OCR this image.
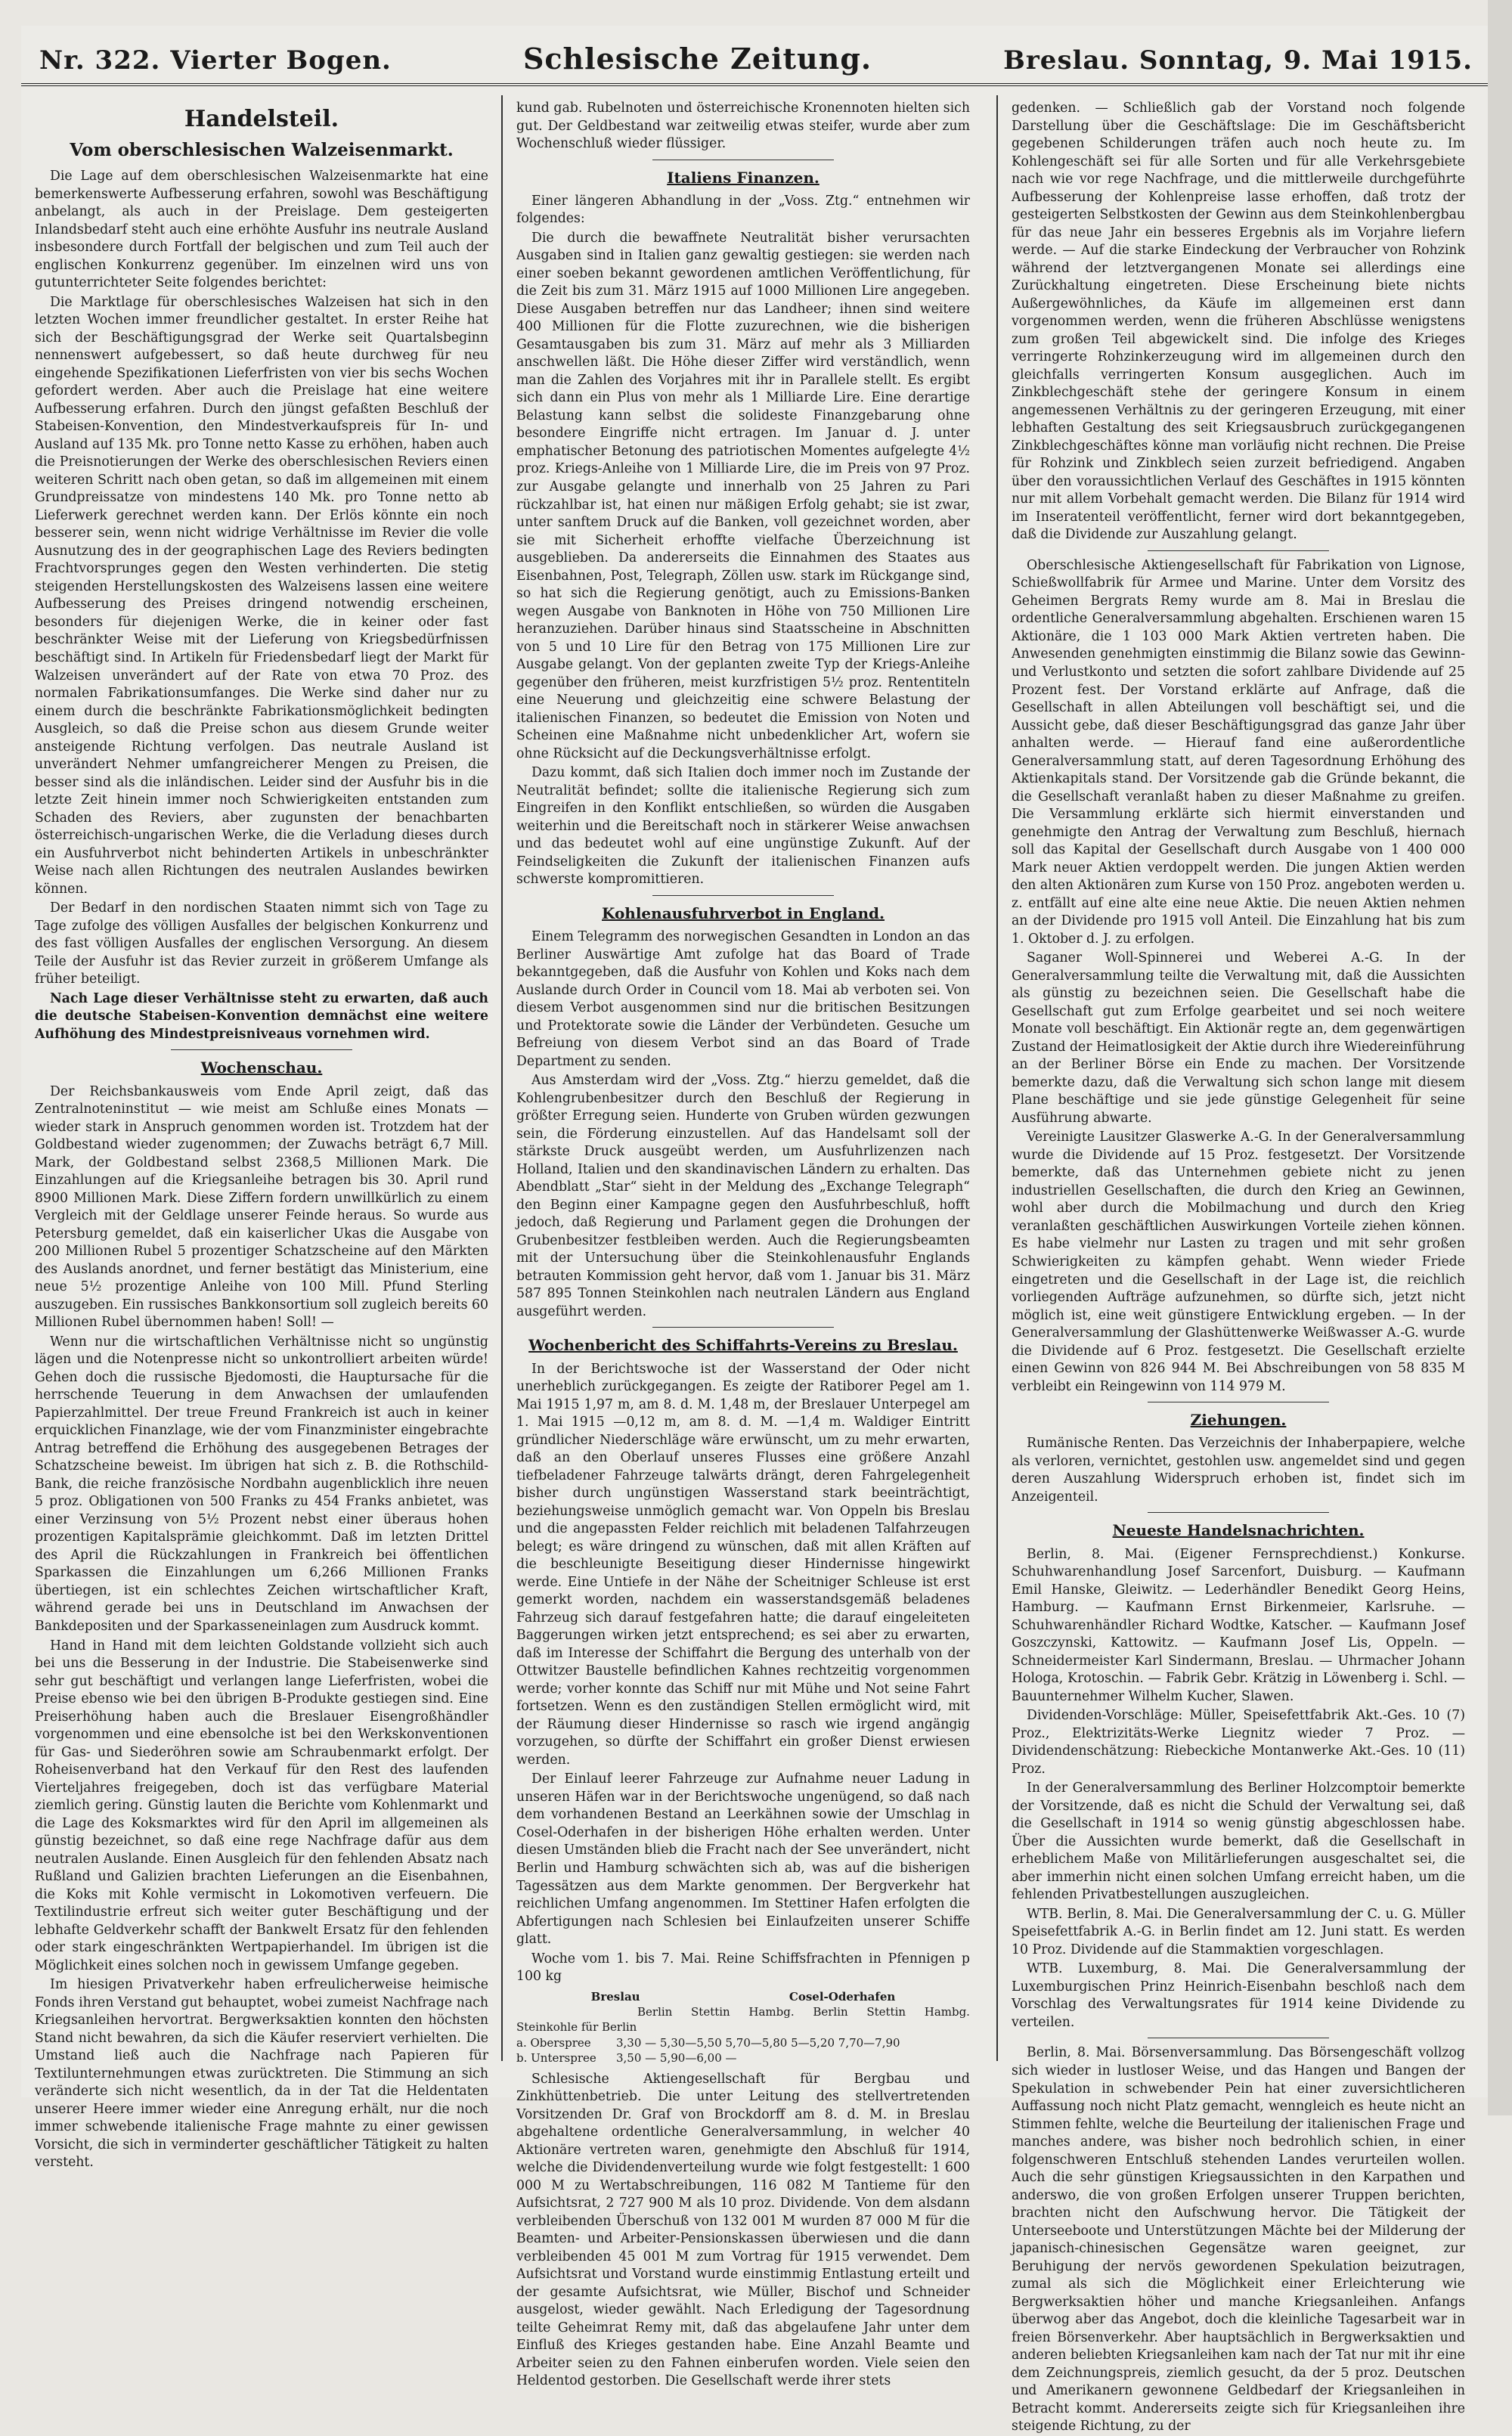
Nr. 322. Vierter Bogen.	Schlesische Zeitung.	Breslau. Sonntag, 9. Mai 1915.
Handelsteil.
Vom oberschlesischen Walzeisenmarkt.

Die Lage auf dem oberschlesischen Walzeisenmarkte hat eine bemerkenswerte Aufbesserung erfahren, sowohl was Beschäftigung anbelangt, als auch in der Preislage. Dem gesteigerten Inlandsbedarf steht auch eine erhöhte Ausfuhr ins neutrale Ausland insbesondere durch Fortfall der belgischen und zum Teil auch der englischen Konkurrenz gegenüber. Im einzelnen wird uns von gutunterrichteter Seite folgendes berichtet:

Die Marktlage für oberschlesisches Walzeisen hat sich in den letzten Wochen immer freundlicher gestaltet. In erster Reihe hat sich der Beschäftigungsgrad der Werke seit Quartalsbeginn nennenswert aufgebessert, so daß heute durchweg für neu eingehende Spezifikationen Lieferfristen von vier bis sechs Wochen gefordert werden. Aber auch die Preislage hat eine weitere Aufbesserung erfahren. Durch den jüngst gefaßten Beschluß der Stabeisen-Konvention, den Mindestverkaufspreis für In- und Ausland auf 135 Mk. pro Tonne netto Kasse zu erhöhen, haben auch die Preisnotierungen der Werke des oberschlesischen Reviers einen weiteren Schritt nach oben getan, so daß im allgemeinen mit einem Grundpreissatze von mindestens 140 Mk. pro Tonne netto ab Lieferwerk gerechnet werden kann. Der Erlös könnte ein noch besserer sein, wenn nicht widrige Verhältnisse im Revier die volle Ausnutzung des in der geographischen Lage des Reviers bedingten Frachtvorsprunges gegen den Westen verhinderten. Die stetig steigenden Herstellungskosten des Walzeisens lassen eine weitere Aufbesserung des Preises dringend notwendig erscheinen, besonders für diejenigen Werke, die in keiner oder fast beschränkter Weise mit der Lieferung von Kriegsbedürfnissen beschäftigt sind. In Artikeln für Friedensbedarf liegt der Markt für Walzeisen unverändert auf der Rate von etwa 70 Proz. des normalen Fabrikationsumfanges. Die Werke sind daher nur zu einem durch die beschränkte Fabrikationsmöglichkeit bedingten Ausgleich, so daß die Preise schon aus diesem Grunde weiter ansteigende Richtung verfolgen. Das neutrale Ausland ist unverändert Nehmer umfangreicherer Mengen zu Preisen, die besser sind als die inländischen. Leider sind der Ausfuhr bis in die letzte Zeit hinein immer noch Schwierigkeiten entstanden zum Schaden des Reviers, aber zugunsten der benachbarten österreichisch-ungarischen Werke, die die Verladung dieses durch ein Ausfuhrverbot nicht behinderten Artikels in unbeschränkter Weise nach allen Richtungen des neutralen Auslandes bewirken können.

Der Bedarf in den nordischen Staaten nimmt sich von Tage zu Tage zufolge des völligen Ausfalles der belgischen Konkurrenz und des fast völligen Ausfalles der englischen Versorgung. An diesem Teile der Ausfuhr ist das Revier zurzeit in größerem Umfange als früher beteiligt.

Nach Lage dieser Verhältnisse steht zu erwarten, daß auch die deutsche Stabeisen-Konvention demnächst eine weitere Aufhöhung des Mindestpreisniveaus vornehmen wird.

Wochenschau.

Der Reichsbankausweis vom Ende April zeigt, daß das Zentralnoteninstitut — wie meist am Schluße eines Monats — wieder stark in Anspruch genommen worden ist. Trotzdem hat der Goldbestand wieder zugenommen; der Zuwachs beträgt 6,7 Mill. Mark, der Goldbestand selbst 2368,5 Millionen Mark. Die Einzahlungen auf die Kriegsanleihe betragen bis 30. April rund 8900 Millionen Mark. Diese Ziffern fordern unwillkürlich zu einem Vergleich mit der Geldlage unserer Feinde heraus. So wurde aus Petersburg gemeldet, daß ein kaiserlicher Ukas die Ausgabe von 200 Millionen Rubel 5 prozentiger Schatzscheine auf den Märkten des Auslands anordnet, und ferner bestätigt das Ministerium, eine neue 5½ prozentige Anleihe von 100 Mill. Pfund Sterling auszugeben. Ein russisches Bankkonsortium soll zugleich bereits 60 Millionen Rubel übernommen haben! Soll! —

Wenn nur die wirtschaftlichen Verhältnisse nicht so ungünstig lägen und die Notenpresse nicht so unkontrolliert arbeiten würde! Gehen doch die russische Bjedomosti, die Hauptursache für die herrschende Teuerung in dem Anwachsen der umlaufenden Papierzahlmittel. Der treue Freund Frankreich ist auch in keiner erquicklichen Finanzlage, wie der vom Finanzminister eingebrachte Antrag betreffend die Erhöhung des ausgegebenen Betrages der Schatzscheine beweist. Im übrigen hat sich z. B. die Rothschild-Bank, die reiche französische Nordbahn augenblicklich ihre neuen 5 proz. Obligationen von 500 Franks zu 454 Franks anbietet, was einer Verzinsung von 5½ Prozent nebst einer überaus hohen prozentigen Kapitalsprämie gleichkommt. Daß im letzten Drittel des April die Rückzahlungen in Frankreich bei öffentlichen Sparkassen die Einzahlungen um 6,266 Millionen Franks übertiegen, ist ein schlechtes Zeichen wirtschaftlicher Kraft, während gerade bei uns in Deutschland im Anwachsen der Bankdepositen und der Sparkasseneinlagen zum Ausdruck kommt.

Hand in Hand mit dem leichten Goldstande vollzieht sich auch bei uns die Besserung in der Industrie. Die Stabeisenwerke sind sehr gut beschäftigt und verlangen lange Lieferfristen, wobei die Preise ebenso wie bei den übrigen B-Produkte gestiegen sind. Eine Preiserhöhung haben auch die Breslauer Eisengroßhändler vorgenommen und eine ebensolche ist bei den Werkskonventionen für Gas- und Siederöhren sowie am Schraubenmarkt erfolgt. Der Roheisenverband hat den Verkauf für den Rest des laufenden Vierteljahres freigegeben, doch ist das verfügbare Material ziemlich gering. Günstig lauten die Berichte vom Kohlenmarkt und die Lage des Koksmarktes wird für den April im allgemeinen als günstig bezeichnet, so daß eine rege Nachfrage dafür aus dem neutralen Auslande. Einen Ausgleich für den fehlenden Absatz nach Rußland und Galizien brachten Lieferungen an die Eisenbahnen, die Koks mit Kohle vermischt in Lokomotiven verfeuern. Die Textilindustrie erfreut sich weiter guter Beschäftigung und der lebhafte Geldverkehr schafft der Bankwelt Ersatz für den fehlenden oder stark eingeschränkten Wertpapierhandel. Im übrigen ist die Möglichkeit eines solchen noch in gewissem Umfange gegeben.

Im hiesigen Privatverkehr haben erfreulicherweise heimische Fonds ihren Verstand gut behauptet, wobei zumeist Nachfrage nach Kriegsanleihen hervortrat. Bergwerksaktien konnten den höchsten Stand nicht bewahren, da sich die Käufer reserviert verhielten. Die Umstand ließ auch die Nachfrage nach Papieren für Textilunternehmungen etwas zurücktreten. Die Stimmung an sich veränderte sich nicht wesentlich, da in der Tat die Heldentaten unserer Heere immer wieder eine Anregung erhält, nur die noch immer schwebende italienische Frage mahnte zu einer gewissen Vorsicht, die sich in verminderter geschäftlicher Tätigkeit zu halten versteht.

kund gab. Rubelnoten und österreichische Kronennoten hielten sich gut. Der Geldbestand war zeitweilig etwas steifer, wurde aber zum Wochenschluß wieder flüssiger.

Italiens Finanzen.

Einer längeren Abhandlung in der „Voss. Ztg.“ entnehmen wir folgendes:

Die durch die bewaffnete Neutralität bisher verursachten Ausgaben sind in Italien ganz gewaltig gestiegen: sie werden nach einer soeben bekannt gewordenen amtlichen Veröffentlichung, für die Zeit bis zum 31. März 1915 auf 1000 Millionen Lire angegeben. Diese Ausgaben betreffen nur das Landheer; ihnen sind weitere 400 Millionen für die Flotte zuzurechnen, wie die bisherigen Gesamtausgaben bis zum 31. März auf mehr als 3 Milliarden anschwellen läßt. Die Höhe dieser Ziffer wird verständlich, wenn man die Zahlen des Vorjahres mit ihr in Parallele stellt. Es ergibt sich dann ein Plus von mehr als 1 Milliarde Lire. Eine derartige Belastung kann selbst die solideste Finanzgebarung ohne besondere Eingriffe nicht ertragen. Im Januar d. J. unter emphatischer Betonung des patriotischen Momentes aufgelegte 4½ proz. Kriegs-Anleihe von 1 Milliarde Lire, die im Preis von 97 Proz. zur Ausgabe gelangte und innerhalb von 25 Jahren zu Pari rückzahlbar ist, hat einen nur mäßigen Erfolg gehabt; sie ist zwar, unter sanftem Druck auf die Banken, voll gezeichnet worden, aber sie mit Sicherheit erhoffte vielfache Überzeichnung ist ausgeblieben. Da andererseits die Einnahmen des Staates aus Eisenbahnen, Post, Telegraph, Zöllen usw. stark im Rückgange sind, so hat sich die Regierung genötigt, auch zu Emissions-Banken wegen Ausgabe von Banknoten in Höhe von 750 Millionen Lire heranzuziehen. Darüber hinaus sind Staatsscheine in Abschnitten von 5 und 10 Lire für den Betrag von 175 Millionen Lire zur Ausgabe gelangt. Von der geplanten zweite Typ der Kriegs-Anleihe gegenüber den früheren, meist kurzfristigen 5½ proz. Rententiteln eine Neuerung und gleichzeitig eine schwere Belastung der italienischen Finanzen, so bedeutet die Emission von Noten und Scheinen eine Maßnahme nicht unbedenklicher Art, wofern sie ohne Rücksicht auf die Deckungsverhältnisse erfolgt.

Dazu kommt, daß sich Italien doch immer noch im Zustande der Neutralität befindet; sollte die italienische Regierung sich zum Eingreifen in den Konflikt entschließen, so würden die Ausgaben weiterhin und die Bereitschaft noch in stärkerer Weise anwachsen und das bedeutet wohl auf eine ungünstige Zukunft. Auf der Feindseligkeiten die Zukunft der italienischen Finanzen aufs schwerste kompromittieren.

Kohlenausfuhrverbot in England.

Einem Telegramm des norwegischen Gesandten in London an das Berliner Auswärtige Amt zufolge hat das Board of Trade bekanntgegeben, daß die Ausfuhr von Kohlen und Koks nach dem Auslande durch Order in Council vom 18. Mai ab verboten sei. Von diesem Verbot ausgenommen sind nur die britischen Besitzungen und Protektorate sowie die Länder der Verbündeten. Gesuche um Befreiung von diesem Verbot sind an das Board of Trade Department zu senden.

Aus Amsterdam wird der „Voss. Ztg.“ hierzu gemeldet, daß die Kohlengrubenbesitzer durch den Beschluß der Regierung in größter Erregung seien. Hunderte von Gruben würden gezwungen sein, die Förderung einzustellen. Auf das Handelsamt soll der stärkste Druck ausgeübt werden, um Ausfuhrlizenzen nach Holland, Italien und den skandinavischen Ländern zu erhalten. Das Abendblatt „Star“ sieht in der Meldung des „Exchange Telegraph“ den Beginn einer Kampagne gegen den Ausfuhrbeschluß, hofft jedoch, daß Regierung und Parlament gegen die Drohungen der Grubenbesitzer festbleiben werden. Auch die Regierungsbeamten mit der Untersuchung über die Steinkohlenausfuhr Englands betrauten Kommission geht hervor, daß vom 1. Januar bis 31. März 587 895 Tonnen Steinkohlen nach neutralen Ländern aus England ausgeführt werden.

Wochenbericht des Schiffahrts-Vereins zu Breslau.

In der Berichtswoche ist der Wasserstand der Oder nicht unerheblich zurückgegangen. Es zeigte der Ratiborer Pegel am 1. Mai 1915 1,97 m, am 8. d. M. 1,48 m, der Breslauer Unterpegel am 1. Mai 1915 —0,12 m, am 8. d. M. —1,4 m. Waldiger Eintritt gründlicher Niederschläge wäre erwünscht, um zu mehr erwarten, daß an den Oberlauf unseres Flusses eine größere Anzahl tiefbeladener Fahrzeuge talwärts drängt, deren Fahrgelegenheit bisher durch ungünstigen Wasserstand stark beeinträchtigt, beziehungsweise unmöglich gemacht war. Von Oppeln bis Breslau und die angepassten Felder reichlich mit beladenen Talfahrzeugen belegt; es wäre dringend zu wünschen, daß mit allen Kräften auf die beschleunigte Beseitigung dieser Hindernisse hingewirkt werde. Eine Untiefe in der Nähe der Scheitniger Schleuse ist erst gemerkt worden, nachdem ein wasserstandsgemäß beladenes Fahrzeug sich darauf festgefahren hatte; die darauf eingeleiteten Baggerungen wirken jetzt entsprechend; es sei aber zu erwarten, daß im Interesse der Schiffahrt die Bergung des unterhalb von der Ottwitzer Baustelle befindlichen Kahnes rechtzeitig vorgenommen werde; vorher konnte das Schiff nur mit Mühe und Not seine Fahrt fortsetzen. Wenn es den zuständigen Stellen ermöglicht wird, mit der Räumung dieser Hindernisse so rasch wie irgend angängig vorzugehen, so dürfte der Schiffahrt ein großer Dienst erwiesen werden.

Der Einlauf leerer Fahrzeuge zur Aufnahme neuer Ladung in unseren Häfen war in der Berichtswoche ungenügend, so daß nach dem vorhandenen Bestand an Leerkähnen sowie der Umschlag in Cosel-Oderhafen in der bisherigen Höhe erhalten werden. Unter diesen Umständen blieb die Fracht nach der See unverändert, nicht Berlin und Hamburg schwächten sich ab, was auf die bisherigen Tagessätzen aus dem Markte genommen. Der Bergverkehr hat reichlichen Umfang angenommen. Im Stettiner Hafen erfolgten die Abfertigungen nach Schlesien bei Einlaufzeiten unserer Schiffe glatt.

Woche vom 1. bis 7. Mai. Reine Schiffsfrachten in Pfennigen p 100 kg

Breslau	Cosel-Oderhafen
Berlin Stettin Hambg. Berlin Stettin Hambg.
Steinkohle für Berlin
a. Oberspree	3,30 — 5,30—5,50 5,70—5,80 5—5,20 7,70—7,90
b. Unterspree	3,50 — 5,90—6,00 —

Schlesische Aktiengesellschaft für Bergbau und Zinkhüttenbetrieb. Die unter Leitung des stellvertretenden Vorsitzenden Dr. Graf von Brockdorff am 8. d. M. in Breslau abgehaltene ordentliche Generalversammlung, in welcher 40 Aktionäre vertreten waren, genehmigte den Abschluß für 1914, welche die Dividendenverteilung wurde wie folgt festgestellt: 1 600 000 M zu Wertabschreibungen, 116 082 M Tantieme für den Aufsichtsrat, 2 727 900 M als 10 proz. Dividende. Von dem alsdann verbleibenden Überschuß von 132 001 M wurden 87 000 M für die Beamten- und Arbeiter-Pensionskassen überwiesen und die dann verbleibenden 45 001 M zum Vortrag für 1915 verwendet. Dem Aufsichtsrat und Vorstand wurde einstimmig Entlastung erteilt und der gesamte Aufsichtsrat, wie Müller, Bischof und Schneider ausgelost, wieder gewählt. Nach Erledigung der Tagesordnung teilte Geheimrat Remy mit, daß das abgelaufene Jahr unter dem Einfluß des Krieges gestanden habe. Eine Anzahl Beamte und Arbeiter seien zu den Fahnen einberufen worden. Viele seien den Heldentod gestorben. Die Gesellschaft werde ihrer stets

gedenken. — Schließlich gab der Vorstand noch folgende Darstellung über die Geschäftslage: Die im Geschäftsbericht gegebenen Schilderungen träfen auch noch heute zu. Im Kohlengeschäft sei für alle Sorten und für alle Verkehrsgebiete nach wie vor rege Nachfrage, und die mittlerweile durchgeführte Aufbesserung der Kohlenpreise lasse erhoffen, daß trotz der gesteigerten Selbstkosten der Gewinn aus dem Steinkohlenbergbau für das neue Jahr ein besseres Ergebnis als im Vorjahre liefern werde. — Auf die starke Eindeckung der Verbraucher von Rohzink während der letztvergangenen Monate sei allerdings eine Zurückhaltung eingetreten. Diese Erscheinung biete nichts Außergewöhnliches, da Käufe im allgemeinen erst dann vorgenommen werden, wenn die früheren Abschlüsse wenigstens zum großen Teil abgewickelt sind. Die infolge des Krieges verringerte Rohzinkerzeugung wird im allgemeinen durch den gleichfalls verringerten Konsum ausgeglichen. Auch im Zinkblechgeschäft stehe der geringere Konsum in einem angemessenen Verhältnis zu der geringeren Erzeugung, mit einer lebhaften Gestaltung des seit Kriegsausbruch zurückgegangenen Zinkblechgeschäftes könne man vorläufig nicht rechnen. Die Preise für Rohzink und Zinkblech seien zurzeit befriedigend. Angaben über den voraussichtlichen Verlauf des Geschäftes in 1915 könnten nur mit allem Vorbehalt gemacht werden. Die Bilanz für 1914 wird im Inseratenteil veröffentlicht, ferner wird dort bekanntgegeben, daß die Dividende zur Auszahlung gelangt.

Oberschlesische Aktiengesellschaft für Fabrikation von Lignose, Schießwollfabrik für Armee und Marine. Unter dem Vorsitz des Geheimen Bergrats Remy wurde am 8. Mai in Breslau die ordentliche Generalversammlung abgehalten. Erschienen waren 15 Aktionäre, die 1 103 000 Mark Aktien vertreten haben. Die Anwesenden genehmigten einstimmig die Bilanz sowie das Gewinn- und Verlustkonto und setzten die sofort zahlbare Dividende auf 25 Prozent fest. Der Vorstand erklärte auf Anfrage, daß die Gesellschaft in allen Abteilungen voll beschäftigt sei, und die Aussicht gebe, daß dieser Beschäftigungsgrad das ganze Jahr über anhalten werde. — Hierauf fand eine außerordentliche Generalversammlung statt, auf deren Tagesordnung Erhöhung des Aktienkapitals stand. Der Vorsitzende gab die Gründe bekannt, die die Gesellschaft veranlaßt haben zu dieser Maßnahme zu greifen. Die Versammlung erklärte sich hiermit einverstanden und genehmigte den Antrag der Verwaltung zum Beschluß, hiernach soll das Kapital der Gesellschaft durch Ausgabe von 1 400 000 Mark neuer Aktien verdoppelt werden. Die jungen Aktien werden den alten Aktionären zum Kurse von 150 Proz. angeboten werden u. z. entfällt auf eine alte eine neue Aktie. Die neuen Aktien nehmen an der Dividende pro 1915 voll Anteil. Die Einzahlung hat bis zum 1. Oktober d. J. zu erfolgen.

Saganer Woll-Spinnerei und Weberei A.-G. In der Generalversammlung teilte die Verwaltung mit, daß die Aussichten als günstig zu bezeichnen seien. Die Gesellschaft habe die Gesellschaft gut zum Erfolge gearbeitet und sei noch weitere Monate voll beschäftigt. Ein Aktionär regte an, dem gegenwärtigen Zustand der Heimatlosigkeit der Aktie durch ihre Wiedereinführung an der Berliner Börse ein Ende zu machen. Der Vorsitzende bemerkte dazu, daß die Verwaltung sich schon lange mit diesem Plane beschäftige und sie jede günstige Gelegenheit für seine Ausführung abwarte.

Vereinigte Lausitzer Glaswerke A.-G. In der Generalversammlung wurde die Dividende auf 15 Proz. festgesetzt. Der Vorsitzende bemerkte, daß das Unternehmen gebiete nicht zu jenen industriellen Gesellschaften, die durch den Krieg an Gewinnen, wohl aber durch die Mobilmachung und durch den Krieg veranlaßten geschäftlichen Auswirkungen Vorteile ziehen können. Es habe vielmehr nur Lasten zu tragen und mit sehr großen Schwierigkeiten zu kämpfen gehabt. Wenn wieder Friede eingetreten und die Gesellschaft in der Lage ist, die reichlich vorliegenden Aufträge aufzunehmen, so dürfte sich, jetzt nicht möglich ist, eine weit günstigere Entwicklung ergeben. — In der Generalversammlung der Glashüttenwerke Weißwasser A.-G. wurde die Dividende auf 6 Proz. festgesetzt. Die Gesellschaft erzielte einen Gewinn von 826 944 M. Bei Abschreibungen von 58 835 M verbleibt ein Reingewinn von 114 979 M.

Ziehungen.

Rumänische Renten. Das Verzeichnis der Inhaberpapiere, welche als verloren, vernichtet, gestohlen usw. angemeldet sind und gegen deren Auszahlung Widerspruch erhoben ist, findet sich im Anzeigenteil.

Neueste Handelsnachrichten.

Berlin, 8. Mai. (Eigener Fernsprechdienst.) Konkurse. Schuhwarenhandlung Josef Sarcenfort, Duisburg. — Kaufmann Emil Hanske, Gleiwitz. — Lederhändler Benedikt Georg Heins, Hamburg. — Kaufmann Ernst Birkenmeier, Karlsruhe. — Schuhwarenhändler Richard Wodtke, Katscher. — Kaufmann Josef Goszczynski, Kattowitz. — Kaufmann Josef Lis, Oppeln. — Schneidermeister Karl Sindermann, Breslau. — Uhrmacher Johann Hologa, Krotoschin. — Fabrik Gebr. Krätzig in Löwenberg i. Schl. — Bauunternehmer Wilhelm Kucher, Slawen.

Dividenden-Vorschläge: Müller, Speisefettfabrik Akt.-Ges. 10 (7) Proz., Elektrizitäts-Werke Liegnitz wieder 7 Proz. — Dividendenschätzung: Riebeckiche Montanwerke Akt.-Ges. 10 (11) Proz.

In der Generalversammlung des Berliner Holzcomptoir bemerkte der Vorsitzende, daß es nicht die Schuld der Verwaltung sei, daß die Gesellschaft in 1914 so wenig günstig abgeschlossen habe. Über die Aussichten wurde bemerkt, daß die Gesellschaft in erheblichem Maße von Militärlieferungen ausgeschaltet sei, die aber immerhin nicht einen solchen Umfang erreicht haben, um die fehlenden Privatbestellungen auszugleichen.

WTB. Berlin, 8. Mai. Die Generalversammlung der C. u. G. Müller Speisefettfabrik A.-G. in Berlin findet am 12. Juni statt. Es werden 10 Proz. Dividende auf die Stammaktien vorgeschlagen.

WTB. Luxemburg, 8. Mai. Die Generalversammlung der Luxemburgischen Prinz Heinrich-Eisenbahn beschloß nach dem Vorschlag des Verwaltungsrates für 1914 keine Dividende zu verteilen.

Berlin, 8. Mai. Börsenversammlung. Das Börsengeschäft vollzog sich wieder in lustloser Weise, und das Hangen und Bangen der Spekulation in schwebender Pein hat einer zuversichtlicheren Auffassung noch nicht Platz gemacht, wenngleich es heute nicht an Stimmen fehlte, welche die Beurteilung der italienischen Frage und manches andere, was bisher noch bedrohlich schien, in einer folgenschweren Entschluß stehenden Landes verurteilen wollen. Auch die sehr günstigen Kriegsaussichten in den Karpathen und anderswo, die von großen Erfolgen unserer Truppen berichten, brachten nicht den Aufschwung hervor. Die Tätigkeit der Unterseeboote und Unterstützungen Mächte bei der Milderung der japanisch-chinesischen Gegensätze waren geeignet, zur Beruhigung der nervös gewordenen Spekulation beizutragen, zumal als sich die Möglichkeit einer Erleichterung wie Bergwerksaktien höher und manche Kriegsanleihen. Anfangs überwog aber das Angebot, doch die kleinliche Tagesarbeit war in freien Börsenverkehr. Aber hauptsächlich in Bergwerksaktien und anderen beliebten Kriegsanleihen kam nach der Tat nur mit ihr eine dem Zeichnungspreis, ziemlich gesucht, da der 5 proz. Deutschen und Amerikanern gewonnene Geldbedarf der Kriegsanleihen in Betracht kommt. Andererseits zeigte sich für Kriegsanleihen ihre steigende Richtung, zu der
